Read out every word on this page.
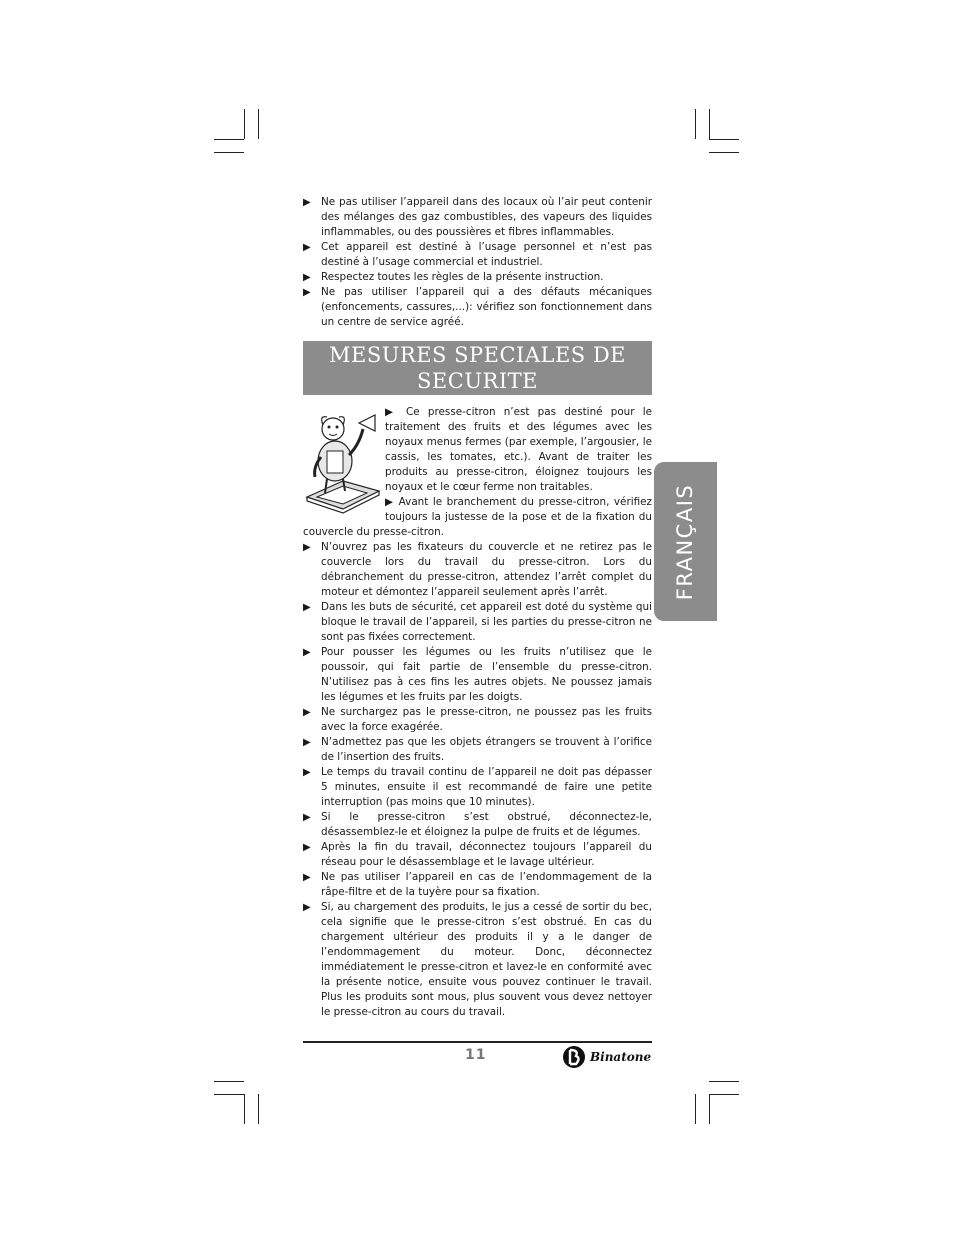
▶ Ne pas utiliser l’appareil dans des locaux où l’air peut contenir des mélanges des gaz combustibles, des vapeurs des liquides inflammables, ou des poussières et fibres inflammables.

▶ Cet appareil est destiné à l’usage personnel et n’est pas destiné à l’usage commercial et industriel.

▶ Respectez toutes les règles de la présente instruction.

▶ Ne pas utiliser l’appareil qui a des défauts mécaniques (enfoncements, cassures,...): vérifiez son fonctionnement dans un centre de service agréé.

MESURES SPECIALES DE
SECURITE

▶ Ce presse-citron n’est pas destiné pour le traitement des fruits et des légumes avec les noyaux menus fermes (par exemple, l’argousier, le cassis, les tomates, etc.). Avant de traiter les produits au presse-citron, éloignez toujours les noyaux et le cœur ferme non traitables.

▶ Avant le branchement du presse-citron, vérifiez toujours la justesse de la pose et de la fixation du couvercle du presse-citron.

▶ N’ouvrez pas les fixateurs du couvercle et ne retirez pas le couvercle lors du travail du presse-citron. Lors du débranchement du presse-citron, attendez l’arrêt complet du moteur et démontez l’appareil seulement après l’arrêt.

▶ Dans les buts de sécurité, cet appareil est doté du système qui bloque le travail de l’appareil, si les parties du presse-citron ne sont pas fixées correctement.

▶ Pour pousser les légumes ou les fruits n’utilisez que le poussoir, qui fait partie de l’ensemble du presse-citron. N’utilisez pas à ces fins les autres objets. Ne poussez jamais les légumes et les fruits par les doigts.

▶ Ne surchargez pas le presse-citron, ne poussez pas les fruits avec la force exagérée.

▶ N’admettez pas que les objets étrangers se trouvent à l’orifice de l’insertion des fruits.

▶ Le temps du travail continu de l’appareil ne doit pas dépasser 5 minutes, ensuite il est recommandé de faire une petite interruption (pas moins que 10 minutes).

▶ Si le presse-citron s’est obstrué, déconnectez-le, désassemblez-le et éloignez la pulpe de fruits et de légumes.

▶ Après la fin du travail, déconnectez toujours l’appareil du réseau pour le désassemblage et le lavage ultérieur.

▶ Ne pas utiliser l’appareil en cas de l’endommagement de la râpe-filtre et de la tuyère pour sa fixation.

▶ Si, au chargement des produits, le jus a cessé de sortir du bec, cela signifie que le presse-citron s’est obstrué. En cas du chargement ultérieur des produits il y a le danger de l’endommagement du moteur. Donc, déconnectez immédiatement le presse-citron et lavez-le en conformité avec la présente notice, ensuite vous pouvez continuer le travail. Plus les produits sont mous, plus souvent vous devez nettoyer le presse-citron au cours du travail.

FRANÇAIS
11	Binatone
